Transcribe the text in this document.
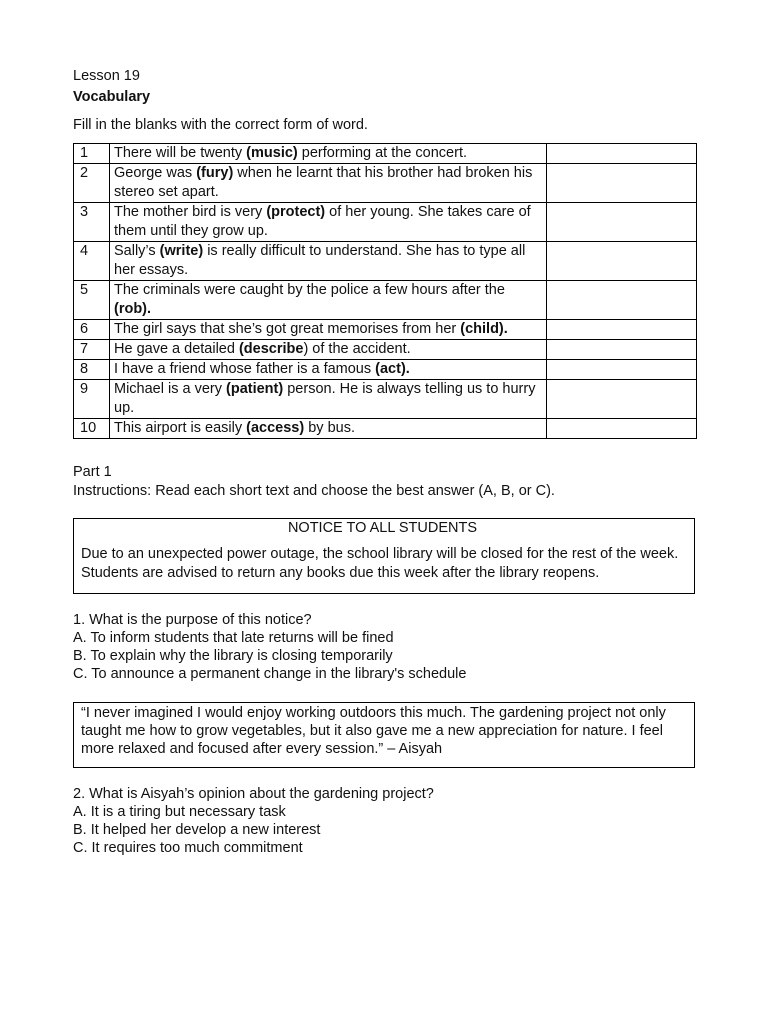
Lesson 19
Vocabulary
Fill in the blanks with the correct form of word.
1	There will be twenty (music) performing at the concert.	
2	George was (fury) when he learnt that his brother had broken his stereo set apart.	
3	The mother bird is very (protect) of her young. She takes care of them until they grow up.	
4	Sally’s (write) is really difficult to understand. She has to type all her essays.	
5	The criminals were caught by the police a few hours after the (rob).	
6	The girl says that she’s got great memorises from her (child).	
7	He gave a detailed (describe) of the accident.	
8	I have a friend whose father is a famous (act).	
9	Michael is a very (patient) person. He is always telling us to hurry up.	
10	This airport is easily (access) by bus.	
Part 1
Instructions: Read each short text and choose the best answer (A, B, or C).
NOTICE TO ALL STUDENTS
Due to an unexpected power outage, the school library will be closed for the rest of the week. Students are advised to return any books due this week after the library reopens.
1. What is the purpose of this notice?
A. To inform students that late returns will be fined
B. To explain why the library is closing temporarily
C. To announce a permanent change in the library's schedule
“I never imagined I would enjoy working outdoors this much. The gardening project not only taught me how to grow vegetables, but it also gave me a new appreciation for nature. I feel more relaxed and focused after every session.” – Aisyah
2. What is Aisyah’s opinion about the gardening project?
A. It is a tiring but necessary task
B. It helped her develop a new interest
C. It requires too much commitment
